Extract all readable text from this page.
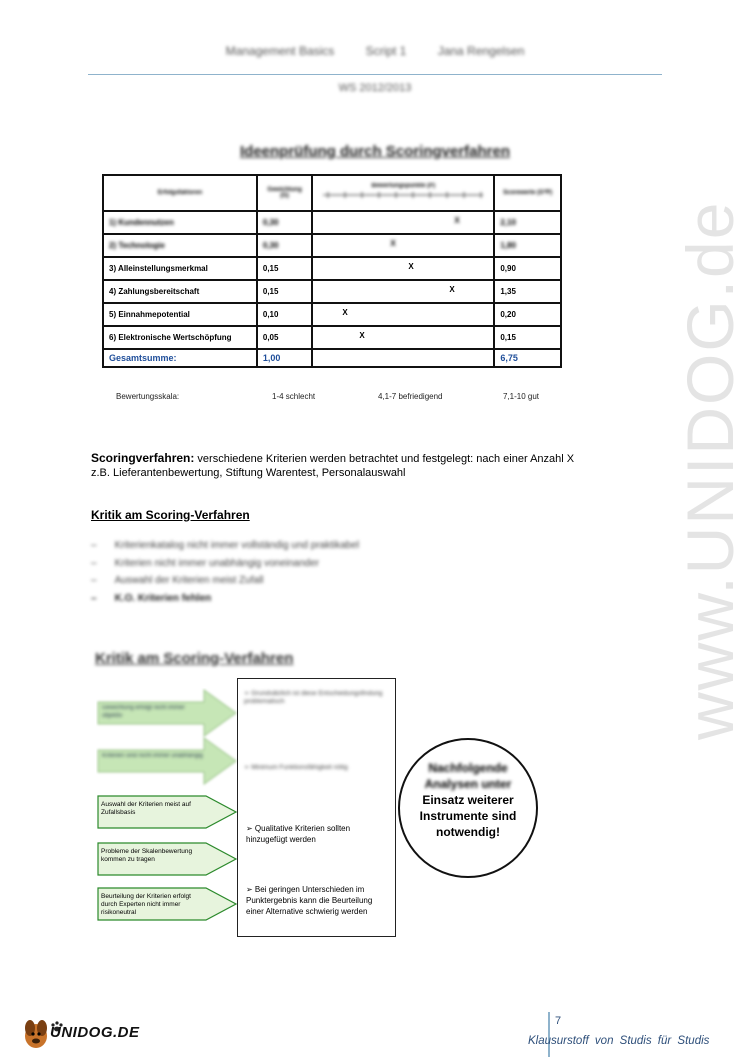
Management Basics	Script 1	Jana Rengelsen
WS 2012/2013
www.UNIDOG.de
Ideenprüfung durch Scoringverfahren
Erfolgsfaktoren	Gewichtung (G)	Bewertungspunkte (P)	Scorewerte (G*P)
1) Kundennutzen	0,30	X	2,10
2) Technologie	0,30	X	1,80
3) Alleinstellungsmerkmal	0,15	X	0,90
4) Zahlungsbereitschaft	0,15	X	1,35
5) Einnahmepotential	0,10	X	0,20
6) Elektronische Wertschöpfung	0,05	X	0,15
Gesamtsumme:	1,00		6,75
Bewertungsskala:	1-4 schlecht	4,1-7 befriedigend	7,1-10 gut
Scoringverfahren: verschiedene Kriterien werden betrachtet und festgelegt: nach einer Anzahl X
z.B. Lieferantenbewertung, Stiftung Warentest, Personalauswahl
Kritik am Scoring-Verfahren
– Kriterienkatalog nicht immer vollständig und praktikabel
– Kriterien nicht immer unabhängig voneinander
– Auswahl der Kriterien meist Zufall
– K.O. Kriterien fehlen
Kritik am Scoring-Verfahren
Gewichtung erfolgt nicht immer objektiv
Kriterien sind nicht immer unabhängig
Auswahl der Kriterien meist auf Zufallsbasis
Probleme der Skalenbewertung kommen zu tragen
Beurteilung der Kriterien erfolgt durch Experten nicht immer risikoneutral
➢ Grundsätzlich ist diese Entscheidungsfindung problematisch
➢ Minimum Funktionsfähigkeit nötig
➢ Qualitative Kriterien sollten hinzugefügt werden
➢ Bei geringen Unterschieden im Punktergebnis kann die Beurteilung einer Alternative schwierig werden
Nachfolgende
Analysen unter
Einsatz weiterer
Instrumente sind
notwendig!
UNIDOG.DE
7
Klausurstoff von Studis für Studis
